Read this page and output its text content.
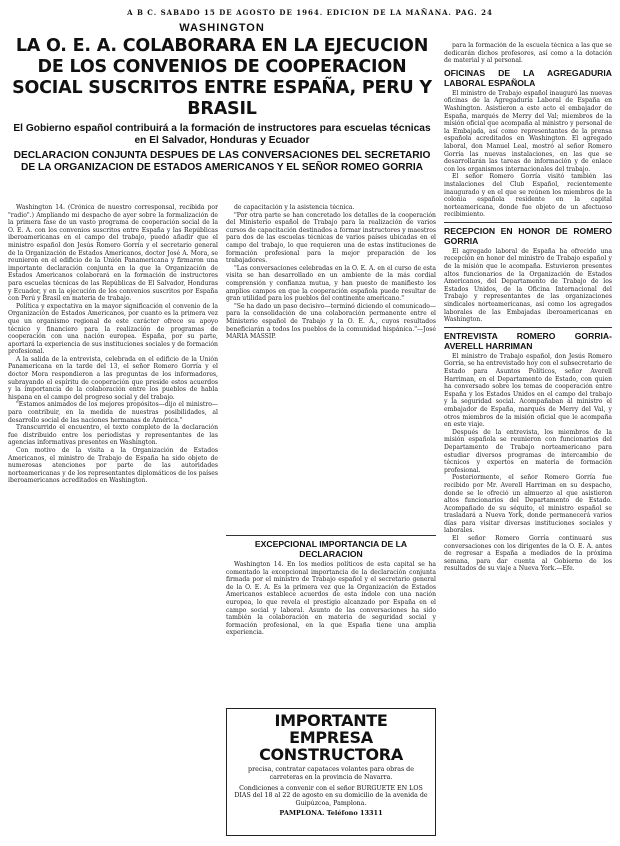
A B C. SABADO 15 DE AGOSTO DE 1964. EDICION DE LA MAÑANA. PAG. 24
WASHINGTON
LA O. E. A. COLABORARA EN LA EJECUCION DE LOS CONVENIOS DE COOPERACION SOCIAL SUSCRITOS ENTRE ESPAÑA, PERU Y BRASIL
El Gobierno español contribuirá a la formación de instructores para escuelas técnicas en El Salvador, Honduras y Ecuador
DECLARACION CONJUNTA DESPUES DE LAS CONVERSACIONES DEL SECRETARIO DE LA ORGANIZACION DE ESTADOS AMERICANOS Y EL SEÑOR ROMEO GORRIA

Washington 14. (Crónica de nuestro corresponsal, recibida por "radio".) Ampliando mi despacho de ayer sobre la formalización de la primera fase de un vasto programa de cooperación social de la O. E. A. con los convenios suscritos entre España y las Repúblicas iberoamericanas en el campo del trabajo, puedo añadir que el ministro español don Jesús Romero Gorría y el secretario general de la Organización de Estados Americanos, doctor José A. Mora, se reunieron en el edificio de la Unión Panamericana y firmaron una importante declaración conjunta en la que la Organización de Estados Americanos colaborará en la formación de instructores para escuelas técnicas de las Repúblicas de El Salvador, Honduras y Ecuador, y en la ejecución de los convenios suscritos por España con Perú y Brasil en materia de trabajo.

Política y expectativa en la mayor significación el convenio de la Organización de Estados Americanos, por cuanto es la primera vez que un organismo regional de este carácter ofrece su apoyo técnico y financiero para la realización de programas de cooperación con una nación europea. España, por su parte, aportará la experiencia de sus instituciones sociales y de formación profesional.

A la salida de la entrevista, celebrada en el edificio de la Unión Panamericana en la tarde del 13, el señor Romero Gorría y el doctor Mora respondieron a las preguntas de los informadores, subrayando el espíritu de cooperación que preside estos acuerdos y la importancia de la colaboración entre los pueblos de habla hispana en el campo del progreso social y del trabajo.

"Estamos animados de los mejores propósitos—dijo el ministro—para contribuir, en la medida de nuestras posibilidades, al desarrollo social de las naciones hermanas de América."

Transcurrido el encuentro, el texto completo de la declaración fue distribuido entre los periodistas y representantes de las agencias informativas presentes en Washington.

Con motivo de la visita a la Organización de Estados Americanos, el ministro de Trabajo de España ha sido objeto de numerosas atenciones por parte de las autoridades norteamericanas y de los representantes diplomáticos de los países iberoamericanos acreditados en Washington.

de capacitación y la asistencia técnica.

"Por otra parte se han concretado los detalles de la cooperación del Ministerio español de Trabajo para la realización de varios cursos de capacitación destinados a formar instructores y maestros para dos de las escuelas técnicas de varios países ubicadas en el campo del trabajo, lo que requieren una de estas instituciones de formación profesional para la mejor preparación de los trabajadores.

"Las conversaciones celebradas en la O. E. A. en el curso de esta visita se han desarrollado en un ambiente de la más cordial comprensión y confianza mutua, y han puesto de manifiesto los amplios campos en que la cooperación española puede resultar de gran utilidad para los pueblos del continente americano."

"Se ha dado un paso decisivo—terminó diciendo el comunicado—para la consolidación de una colaboración permanente entre el Ministerio español de Trabajo y la O. E. A., cuyos resultados beneficiarán a todos los pueblos de la comunidad hispánica."—José MARIA MASSIP.

EXCEPCIONAL IMPORTANCIA DE LA DECLARACION

Washington 14. En los medios políticos de esta capital se ha comentado la excepcional importancia de la declaración conjunta firmada por el ministro de Trabajo español y el secretario general de la O. E. A. Es la primera vez que la Organización de Estados Americanos establece acuerdos de esta índole con una nación europea, lo que revela el prestigio alcanzado por España en el campo social y laboral. Asunto de las conversaciones ha sido también la colaboración en materia de seguridad social y formación profesional, en la que España tiene una amplia experiencia.

IMPORTANTE EMPRESA CONSTRUCTORA
precisa, contratar capataces volantes para obras de carreteras en la provincia de Navarra.
Condiciones a convenir con el señor BURGUETE EN LOS DIAS del 18 al 22 de agosto en su domicilio de la avenida de Guipúzcoa, Pamplona.
PAMPLONA. Teléfono 13311

para la formación de la escuela técnica a las que se dedicarán dichos profesores, así como a la dotación de material y al personal.

OFICINAS DE LA AGREGADURIA LABORAL ESPAÑOLA

El ministro de Trabajo español inauguró las nuevas oficinas de la Agregaduría Laboral de España en Washington. Asistieron a este acto el embajador de España, marqués de Merry del Val; miembros de la misión oficial que acompaña al ministro y personal de la Embajada, así como representantes de la prensa española acreditados en Washington. El agregado laboral, don Manuel Leal, mostró al señor Romero Gorría las nuevas instalaciones, en las que se desarrollarán las tareas de información y de enlace con los organismos internacionales del trabajo.

El señor Romero Gorría visitó también las instalaciones del Club Español, recientemente inaugurado y en el que se reúnen los miembros de la colonia española residente en la capital norteamericana, donde fue objeto de un afectuoso recibimiento.

RECEPCION EN HONOR DE ROMERO GORRIA

El agregado laboral de España ha ofrecido una recepción en honor del ministro de Trabajo español y de la misión que le acompaña. Estuvieron presentes altos funcionarios de la Organización de Estados Americanos, del Departamento de Trabajo de los Estados Unidos, de la Oficina Internacional del Trabajo y representantes de las organizaciones sindicales norteamericanas, así como los agregados laborales de las Embajadas iberoamericanas en Washington.

ENTREVISTA ROMERO GORRIA-AVERELL HARRIMAN

El ministro de Trabajo español, don Jesús Romero Gorría, se ha entrevistado hoy con el subsecretario de Estado para Asuntos Políticos, señor Averell Harriman, en el Departamento de Estado, con quien ha conversado sobre los temas de cooperación entre España y los Estados Unidos en el campo del trabajo y la seguridad social. Acompañaban al ministro el embajador de España, marqués de Merry del Val, y otros miembros de la misión oficial que le acompaña en este viaje.

Después de la entrevista, los miembros de la misión española se reunieron con funcionarios del Departamento de Trabajo norteamericano para estudiar diversos programas de intercambio de técnicos y expertos en materia de formación profesional.

Posteriormente, el señor Romero Gorría fue recibido por Mr. Averell Harriman en su despacho, donde se le ofreció un almuerzo al que asistieron altos funcionarios del Departamento de Estado. Acompañado de su séquito, el ministro español se trasladará a Nueva York, donde permanecerá varios días para visitar diversas instituciones sociales y laborales.

El señor Romero Gorría continuará sus conversaciones con los dirigentes de la O. E. A. antes de regresar a España a mediados de la próxima semana, para dar cuenta al Gobierno de los resultados de su viaje a Nueva York.—Efe.
